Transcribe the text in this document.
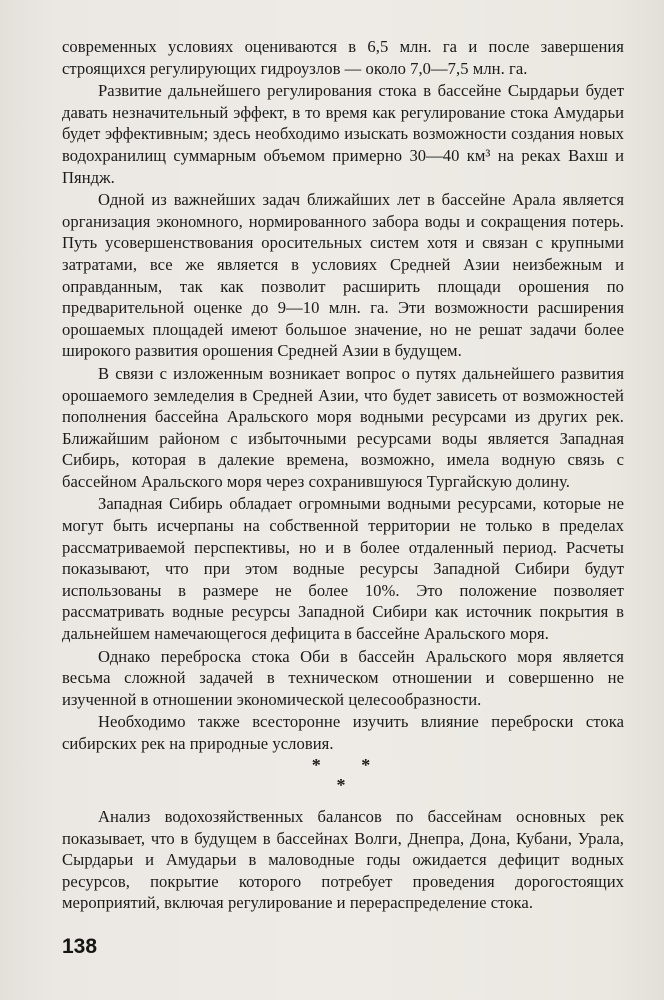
современных условиях оцениваются в 6,5 млн. га и после завершения строящихся регулирующих гидроузлов — около 7,0—7,5 млн. га.

Развитие дальнейшего регулирования стока в бассейне Сырдарьи будет давать незначительный эффект, в то время как регулирование стока Амударьи будет эффективным; здесь необходимо изыскать возможности создания новых водохранилищ суммарным объемом примерно 30—40 км³ на реках Вахш и Пяндж.

Одной из важнейших задач ближайших лет в бассейне Арала является организация экономного, нормированного забора воды и сокращения потерь. Путь усовершенствования оросительных систем хотя и связан с крупными затратами, все же является в условиях Средней Азии неизбежным и оправданным, так как позволит расширить площади орошения по предварительной оценке до 9—10 млн. га. Эти возможности расширения орошаемых площадей имеют большое значение, но не решат задачи более широкого развития орошения Средней Азии в будущем.

В связи с изложенным возникает вопрос о путях дальнейшего развития орошаемого земледелия в Средней Азии, что будет зависеть от возможностей пополнения бассейна Аральского моря водными ресурсами из других рек. Ближайшим районом с избыточными ресурсами воды является Западная Сибирь, которая в далекие времена, возможно, имела водную связь с бассейном Аральского моря через сохранившуюся Тургайскую долину.

Западная Сибирь обладает огромными водными ресурсами, которые не могут быть исчерпаны на собственной территории не только в пределах рассматриваемой перспективы, но и в более отдаленный период. Расчеты показывают, что при этом водные ресурсы Западной Сибири будут использованы в размере не более 10%. Это положение позволяет рассматривать водные ресурсы Западной Сибири как источник покрытия в дальнейшем намечающегося дефицита в бассейне Аральского моря.

Однако переброска стока Оби в бассейн Аральского моря является весьма сложной задачей в техническом отношении и совершенно не изученной в отношении экономической целесообразности.

Необходимо также всесторонне изучить влияние переброски стока сибирских рек на природные условия.

* *
*

Анализ водохозяйственных балансов по бассейнам основных рек показывает, что в будущем в бассейнах Волги, Днепра, Дона, Кубани, Урала, Сырдарьи и Амударьи в маловодные годы ожидается дефицит водных ресурсов, покрытие которого потребует проведения дорогостоящих мероприятий, включая регулирование и перераспределение стока.

138
